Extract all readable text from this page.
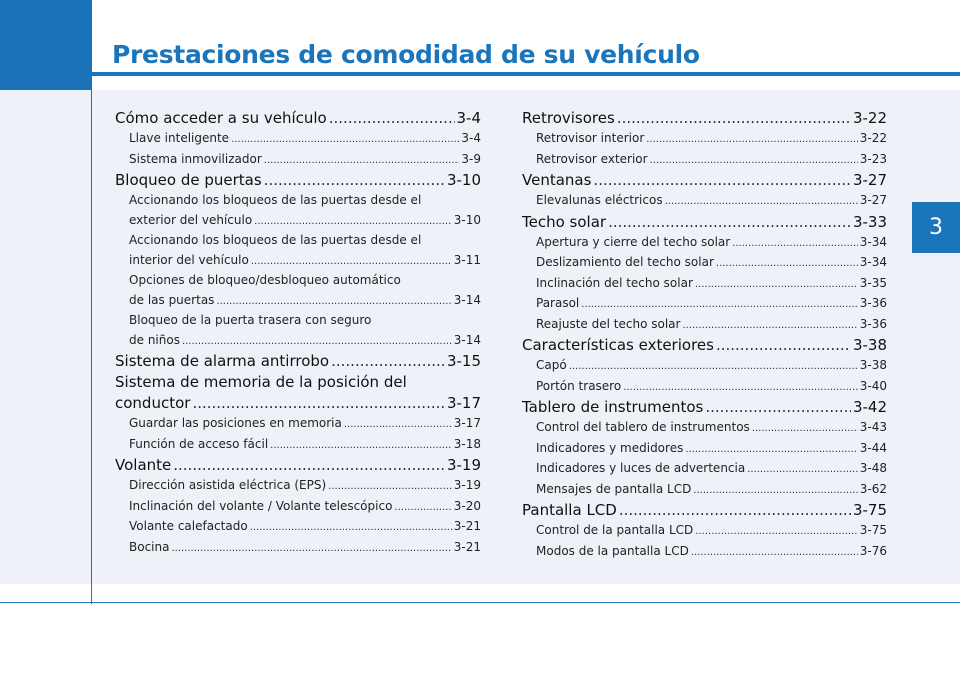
Prestaciones de comodidad de su vehículo
3
Cómo acceder a su vehículo .....	3-4
Llave inteligente .....	3-4
Sistema inmovilizador .....	3-9
Bloqueo de puertas .....	3-10
Accionando los bloqueos de las puertas desde el
exterior del vehículo .....	3-10
Accionando los bloqueos de las puertas desde el
interior del vehículo .....	3-11
Opciones de bloqueo/desbloqueo automático
de las puertas .....	3-14
Bloqueo de la puerta trasera con seguro
de niños .....	3-14
Sistema de alarma antirrobo .....	3-15
Sistema de memoria de la posición del
conductor .....	3-17
Guardar las posiciones en memoria .....	3-17
Función de acceso fácil .....	3-18
Volante .....	3-19
Dirección asistida eléctrica (EPS) .....	3-19
Inclinación del volante / Volante telescópico .....	3-20
Volante calefactado .....	3-21
Bocina .....	3-21
Retrovisores .....	3-22
Retrovisor interior .....	3-22
Retrovisor exterior .....	3-23
Ventanas .....	3-27
Elevalunas eléctricos .....	3-27
Techo solar .....	3-33
Apertura y cierre del techo solar .....	3-34
Deslizamiento del techo solar .....	3-34
Inclinación del techo solar .....	3-35
Parasol .....	3-36
Reajuste del techo solar .....	3-36
Características exteriores .....	3-38
Capó .....	3-38
Portón trasero .....	3-40
Tablero de instrumentos .....	3-42
Control del tablero de instrumentos .....	3-43
Indicadores y medidores .....	3-44
Indicadores y luces de advertencia .....	3-48
Mensajes de pantalla LCD .....	3-62
Pantalla LCD .....	3-75
Control de la pantalla LCD .....	3-75
Modos de la pantalla LCD .....	3-76
